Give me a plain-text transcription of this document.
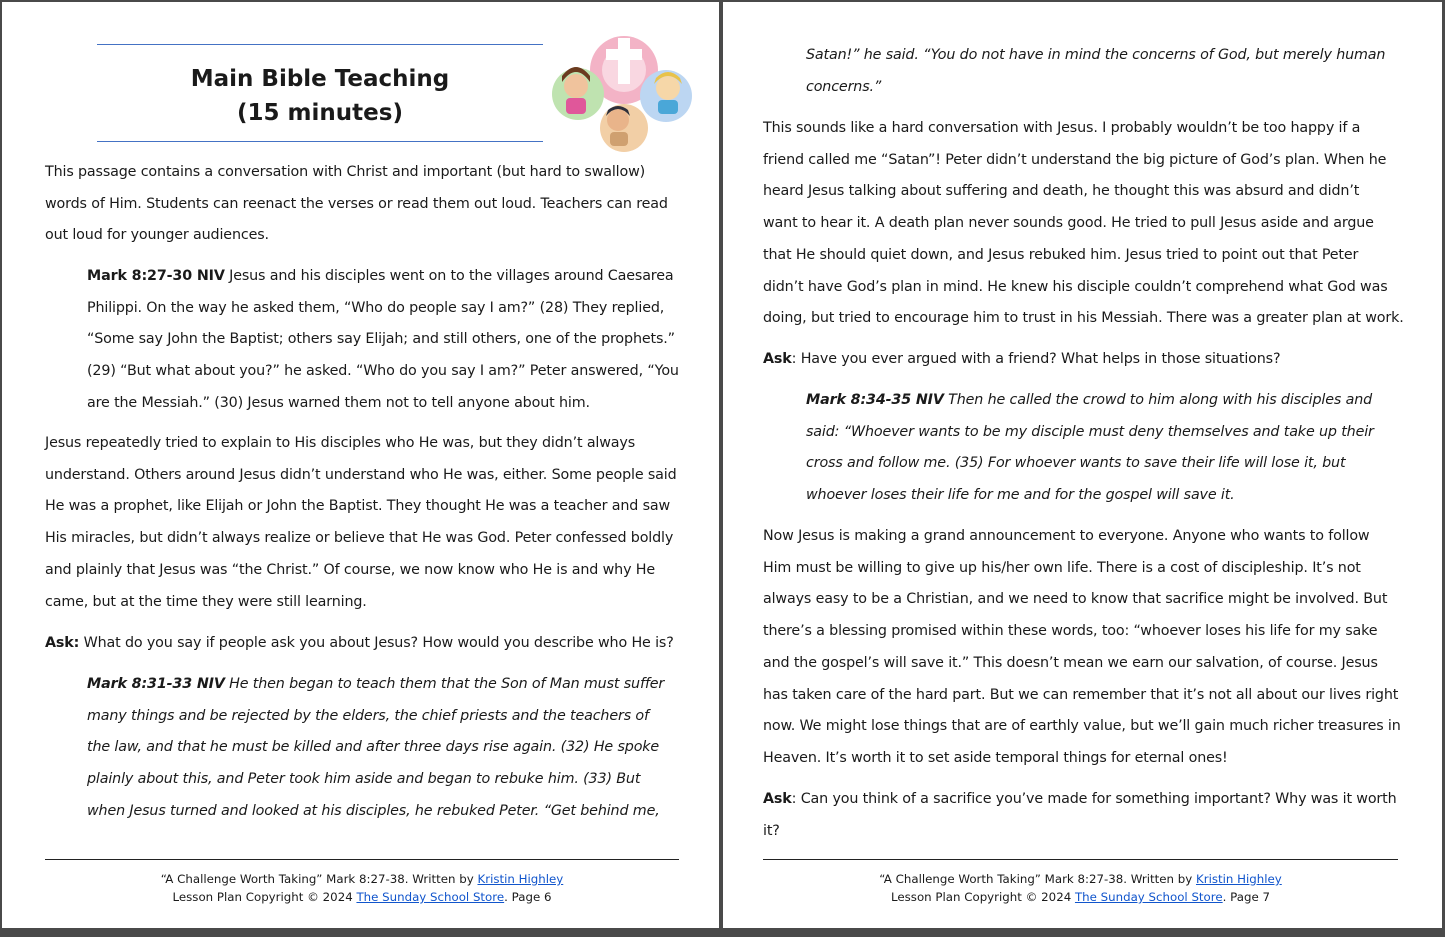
Main Bible Teaching
(15 minutes)

This passage contains a conversation with Christ and important (but hard to swallow)

words of Him. Students can reenact the verses or read them out loud. Teachers can read

out loud for younger audiences.

Mark 8:27-30 NIV Jesus and his disciples went on to the villages around Caesarea

Philippi. On the way he asked them, “Who do people say I am?” (28) They replied,

“Some say John the Baptist; others say Elijah; and still others, one of the prophets.”

(29) “But what about you?” he asked. “Who do you say I am?” Peter answered, “You

are the Messiah.” (30) Jesus warned them not to tell anyone about him.

Jesus repeatedly tried to explain to His disciples who He was, but they didn’t always

understand. Others around Jesus didn’t understand who He was, either. Some people said

He was a prophet, like Elijah or John the Baptist. They thought He was a teacher and saw

His miracles, but didn’t always realize or believe that He was God. Peter confessed boldly

and plainly that Jesus was “the Christ.” Of course, we now know who He is and why He

came, but at the time they were still learning.

Ask: What do you say if people ask you about Jesus? How would you describe who He is?

Mark 8:31-33 NIV He then began to teach them that the Son of Man must suffer

many things and be rejected by the elders, the chief priests and the teachers of

the law, and that he must be killed and after three days rise again. (32) He spoke

plainly about this, and Peter took him aside and began to rebuke him. (33) But

when Jesus turned and looked at his disciples, he rebuked Peter. “Get behind me,

“A Challenge Worth Taking” Mark 8:27-38. Written by Kristin Highley
Lesson Plan Copyright © 2024 The Sunday School Store. Page 6

Satan!” he said. “You do not have in mind the concerns of God, but merely human

concerns.”

This sounds like a hard conversation with Jesus. I probably wouldn’t be too happy if a

friend called me “Satan”! Peter didn’t understand the big picture of God’s plan. When he

heard Jesus talking about suffering and death, he thought this was absurd and didn’t

want to hear it. A death plan never sounds good. He tried to pull Jesus aside and argue

that He should quiet down, and Jesus rebuked him. Jesus tried to point out that Peter

didn’t have God’s plan in mind. He knew his disciple couldn’t comprehend what God was

doing, but tried to encourage him to trust in his Messiah. There was a greater plan at work.

Ask: Have you ever argued with a friend? What helps in those situations?

Mark 8:34-35 NIV Then he called the crowd to him along with his disciples and

said: “Whoever wants to be my disciple must deny themselves and take up their

cross and follow me. (35) For whoever wants to save their life will lose it, but

whoever loses their life for me and for the gospel will save it.

Now Jesus is making a grand announcement to everyone. Anyone who wants to follow

Him must be willing to give up his/her own life. There is a cost of discipleship. It’s not

always easy to be a Christian, and we need to know that sacrifice might be involved. But

there’s a blessing promised within these words, too: “whoever loses his life for my sake

and the gospel’s will save it.” This doesn’t mean we earn our salvation, of course. Jesus

has taken care of the hard part. But we can remember that it’s not all about our lives right

now. We might lose things that are of earthly value, but we’ll gain much richer treasures in

Heaven. It’s worth it to set aside temporal things for eternal ones!

Ask: Can you think of a sacrifice you’ve made for something important? Why was it worth

it?

“A Challenge Worth Taking” Mark 8:27-38. Written by Kristin Highley
Lesson Plan Copyright © 2024 The Sunday School Store. Page 7
